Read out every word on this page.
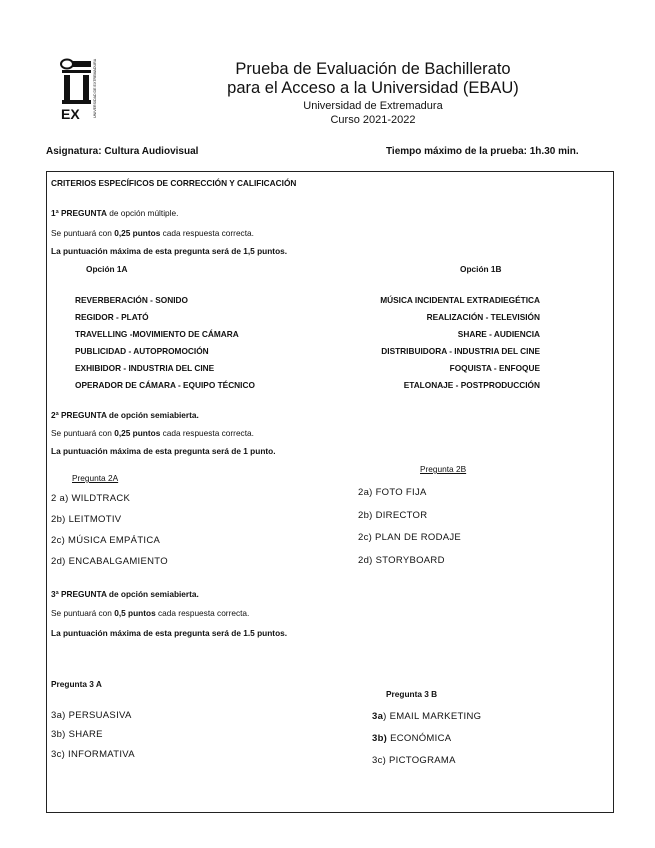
EX	UNIVERSIDAD DE EXTREMADURA	Prueba de Evaluación de Bachillerato
para el Acceso a la Universidad (EBAU)
Universidad de Extremadura
Curso 2021-2022
Asignatura: Cultura Audiovisual	Tiempo máximo de la prueba: 1h.30 min.
CRITERIOS ESPECÍFICOS DE CORRECCIÓN Y CALIFICACIÓN
1ª PREGUNTA de opción múltiple.
Se puntuará con 0,25 puntos cada respuesta correcta.
La puntuación máxima de esta pregunta será de 1,5 puntos.
Opción 1A	Opción 1B
REVERBERACIÓN - SONIDO
REGIDOR - PLATÓ
TRAVELLING -MOVIMIENTO DE CÁMARA
PUBLICIDAD - AUTOPROMOCIÓN
EXHIBIDOR - INDUSTRIA DEL CINE
OPERADOR DE CÁMARA - EQUIPO TÉCNICO
MÚSICA INCIDENTAL EXTRADIEGÉTICA
REALIZACIÓN - TELEVISIÓN
SHARE - AUDIENCIA
DISTRIBUIDORA - INDUSTRIA DEL CINE
FOQUISTA - ENFOQUE
ETALONAJE - POSTPRODUCCIÓN
2ª PREGUNTA de opción semiabierta.
Se puntuará con 0,25 puntos cada respuesta correcta.
La puntuación máxima de esta pregunta será de 1 punto.
Pregunta 2A
Pregunta 2B
2 a) WILDTRACK
2b) LEITMOTIV
2c) MÚSICA EMPÁTICA
2d) ENCABALGAMIENTO
2a) FOTO FIJA
2b) DIRECTOR
2c) PLAN DE RODAJE
2d) STORYBOARD
3ª PREGUNTA de opción semiabierta.
Se puntuará con 0,5 puntos cada respuesta correcta.
La puntuación máxima de esta pregunta será de 1.5 puntos.
Pregunta 3 A
Pregunta 3 B
3a) PERSUASIVA
3b) SHARE
3c) INFORMATIVA
3a) EMAIL MARKETING
3b) ECONÓMICA
3c) PICTOGRAMA
